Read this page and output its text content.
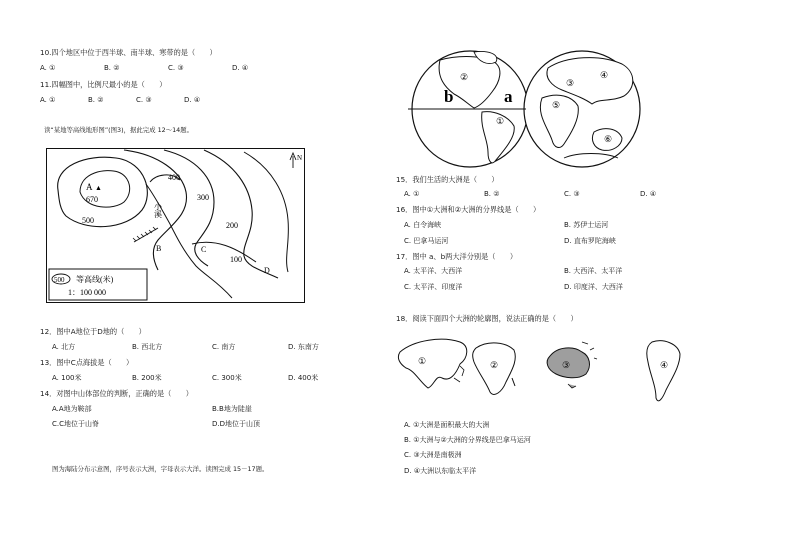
10.四个地区中位于西半球、南半球、寒带的是（　　）
A. ①	B. ②	C. ③	D. ④
11.四幅图中，比例尺最小的是（　　）
A. ①	B. ②	C. ③	D. ④
读“某地等高线地形图”(图3)，据此完成 12～14题。
A ▲
670
400
300
200
100
500
B	C
D
小溪
N
500 等高线(米)
1：100 000
12．图中A地位于D地的（　　）
A. 北方	B. 西北方	C. 南方	D. 东南方
13．图中C点海拔是（　　）
A. 100米	B. 200米	C. 300米	D. 400米
14．对图中山体部位的判断，正确的是（　　）
A.A地为鞍部	B.B地为陡崖
C.C地位于山脊	D.D地位于山顶
图为海陆分布示意图，序号表示大洲，字母表示大洋。读图完成 15－17题。
b	a
①
②
③
④
⑤
⑥
15．我们生活的大洲是（　　）
A. ①	B. ②	C. ③	D. ④
16．图中①大洲和②大洲的分界线是（　　）
A. 白令海峡	B. 苏伊士运河
C. 巴拿马运河	D. 直布罗陀海峡
17．图中 a、b两大洋分别是（　　）
A. 太平洋、大西洋	B. 大西洋、太平洋
C. 太平洋、印度洋	D. 印度洋、大西洋
18．阅读下面四个大洲的轮廓图，说法正确的是（　　）
①	②	③	④
A. ①大洲是面积最大的大洲
B. ①大洲与②大洲的分界线是巴拿马运河
C. ③大洲是南极洲
D. ④大洲以东临太平洋
